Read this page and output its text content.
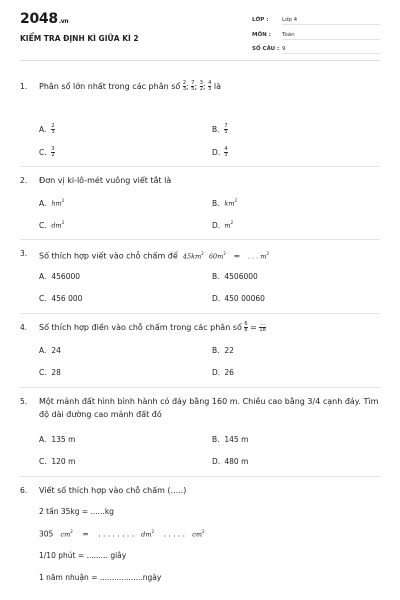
2048.vn
KIỂM TRA ĐỊNH KÌ GIỮA KÌ 2
LỚP : Lớp 4
MÔN : Toán
SỐ CÂU : 9
1.	Phân số lớn nhất trong các phân số $\frac{2}{3}$ ; $\frac{7}{5}$ ; $\frac{3}{2}$ ; $\frac{4}{3}$ là
A. $\frac{2}{3}$	B. $\frac{7}{5}$
C. $\frac{3}{2}$	D. $\frac{4}{3}$
2.	Đơn vị ki-lô-mét vuông viết tắt là
A. $hm^2$	B. $km^2$
C. $dm^2$	D. $m^2$
3.	Số thích hợp viết vào chỗ chấm để $45km^2$ $60m^2$ = . . . $m^2$
A. 456000	B. 4506000
C. 456 000	D. 450 00060
4.	Số thích hợp điền vào chỗ chấm trong các phân số $\frac{6}{8} = \frac{...}{18}$
A. 24	B. 22
C. 28	D. 26
5.	Một mảnh đất hình bình hành có đáy bằng 160 m. Chiều cao bằng 3/4 cạnh đáy. Tìm độ dài đường cao mảnh đất đó
A. 135 m	B. 145 m
C. 120 m	D. 480 m
6.	Viết số thích hợp vào chỗ chấm (.....)
2 tấn 35kg = ......kg
305 $cm^2$ = . . . . . . . . $dm^2$ . . . . . $cm^2$
1/10 phút = ......... giây
1 năm nhuận = ..................ngày
